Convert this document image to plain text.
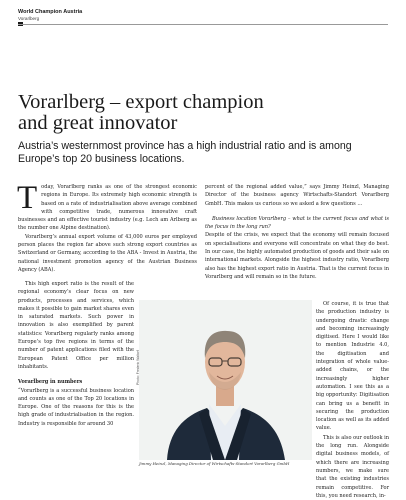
World Champion Austria
Vorarlberg
Vorarlberg – export champion
and great innovator
Austria’s westernmost province has a high industrial ratio and is among Europe’s top 20 business locations.

Today, Vorarlberg ranks as one of the strongest economic regions in Europe. Its extremely high economic strength is based on a rate of industrialisation above average combined with competitive trade, numerous innovative craft businesses and an effective tourist industry (e.g. Lech am Arlberg as the number one Alpine destination).

Vorarlberg’s annual export volume of 43,000 euros per employed person places the region far above such strong export countries as Switzerland or Germany, according to the ABA - Invest in Austria, the national investment promotion agency of the Austrian Business Agency (ABA).

This high export ratio is the result of the regional economy’s clear focus on new products, processes and services, which makes it possible to gain market shares even in saturated markets. Such power in innovation is also exemplified by parent statistics: Vorarlberg regularly ranks among Europe’s top five regions in terms of the number of patent applications filed with the European Patent Office per million inhabitants.

Vorarlberg in numbers

“Vorarlberg is a successful business location and counts as one of the Top 20 locations in Europe. One of the reasons for this is the high grade of industrialisation in the region. Industry is responsible for around 30

percent of the regional added value,” says Jimmy Heinzl, Managing Director of the business agency Wirtschafts-Standort Vorarlberg GmbH. This makes us curious so we asked a few questions …

Business location Vorarlberg – what is the current focus and what is the focus in the long run?

Despite of the crisis, we expect that the economy will remain focused on specialisations and everyone will concentrate on what they do best. In our case, the highly automated production of goods and their sale on international markets. Alongside the highest industry ratio, Vorarlberg also has the highest export ratio in Austria. That is the current focus in Vorarlberg and will remain so in the future.

Of course, it is true that the production industry is undergoing drastic change and becoming increasingly digitised. Here I would like to mention Industrie 4.0, the digitisation and integration of whole value-added chains, or the increasingly higher automation. I see this as a big opportunity: Digitisation can bring us a benefit in securing the production location as well as its added value.

This is also our outlook in the long run. Alongside digital business models, of which there are increasing numbers, we make sure that the existing industries remain competitive. For this, you need research, in-

Photo: Frederic Waltorf
Jimmy Heinzl, Managing Director of Wirtschafts-Standort Vorarlberg GmbH
